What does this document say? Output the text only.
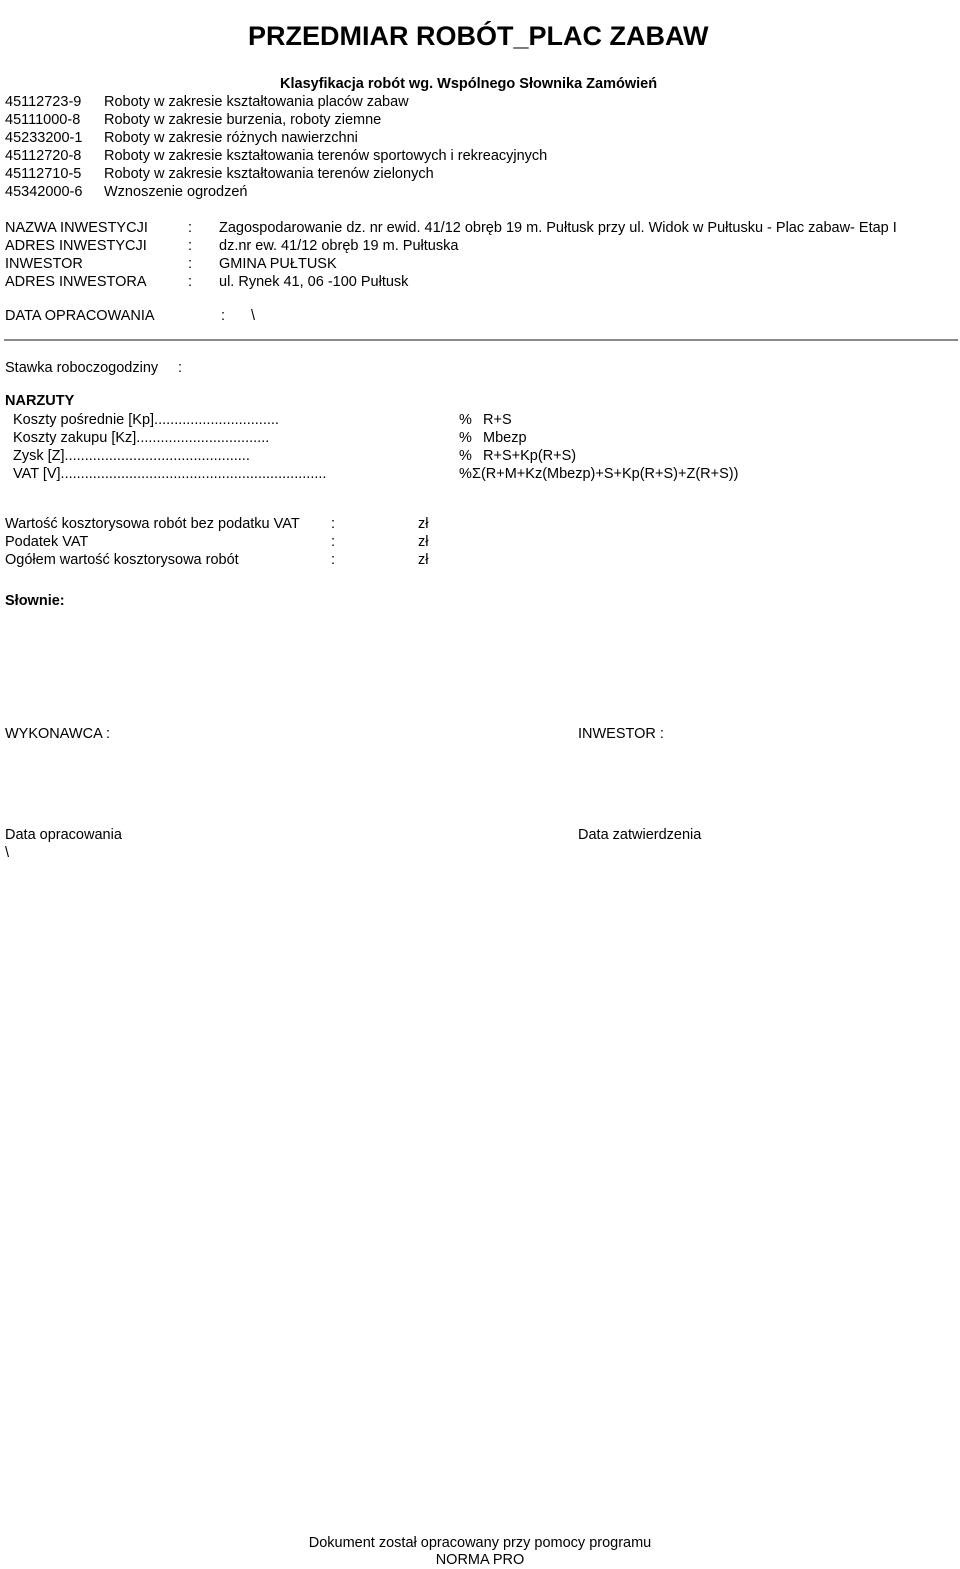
PRZEDMIAR ROBÓT_PLAC ZABAW
Klasyfikacja robót wg. Wspólnego Słownika Zamówień
45112723-9 Roboty w zakresie kształtowania placów zabaw
45111000-8 Roboty w zakresie burzenia, roboty ziemne
45233200-1 Roboty w zakresie różnych nawierzchni
45112720-8 Roboty w zakresie kształtowania terenów sportowych i rekreacyjnych
45112710-5 Roboty w zakresie kształtowania terenów zielonych
45342000-6 Wznoszenie ogrodzeń
NAZWA INWESTYCJI	: Zagospodarowanie dz. nr ewid. 41/12 obręb 19 m. Pułtusk przy ul. Widok w Pułtusku - Plac zabaw- Etap I
ADRES INWESTYCJI	: dz.nr ew. 41/12 obręb 19 m. Pułtuska
INWESTOR	: GMINA PUŁTUSK
ADRES INWESTORA	: ul. Rynek 41, 06 -100 Pułtusk
DATA OPRACOWANIA	: \
Stawka roboczogodziny :
NARZUTY
Koszty pośrednie [Kp]...............................	% R+S
Koszty zakupu [Kz].................................	% Mbezp
Zysk [Z]..............................................	% R+S+Kp(R+S)
VAT [V]..................................................................	% Σ(R+M+Kz(Mbezp)+S+Kp(R+S)+Z(R+S))
Wartość kosztorysowa robót bez podatku VAT :	zł
Podatek VAT	:	zł
Ogółem wartość kosztorysowa robót	:	zł
Słownie:
WYKONAWCA :	INWESTOR :
Data opracowania
\
Data zatwierdzenia
Dokument został opracowany przy pomocy programu
NORMA PRO
